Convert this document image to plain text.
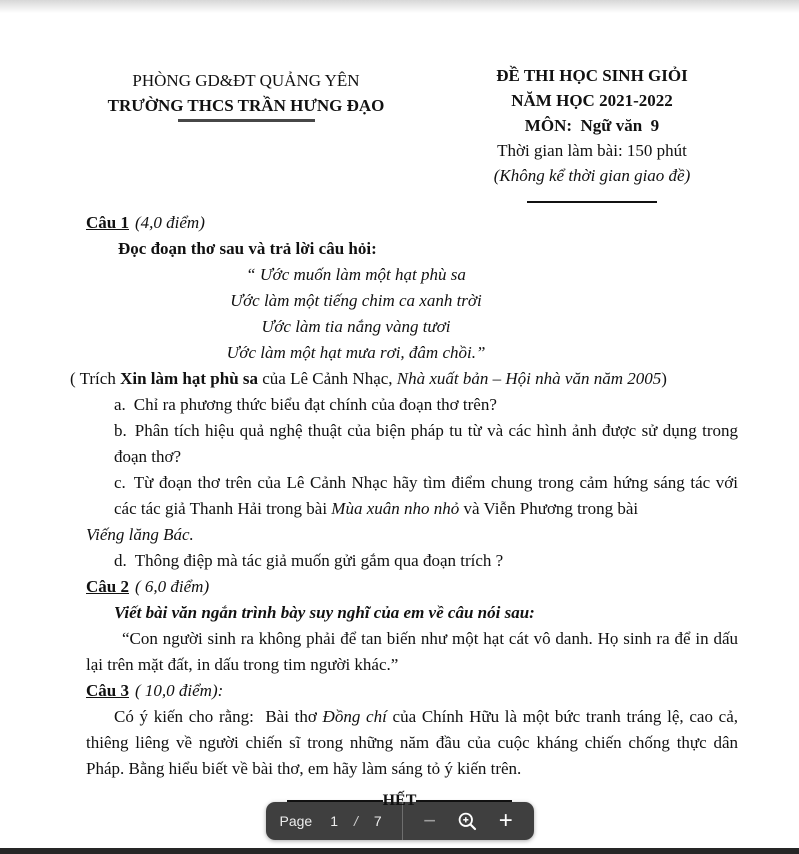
PHÒNG GD&ĐT QUẢNG YÊN
TRƯỜNG THCS TRẦN HƯNG ĐẠO
ĐỀ THI HỌC SINH GIỎI
NĂM HỌC 2021-2022
MÔN:  Ngữ văn  9
Thời gian làm bài: 150 phút
(Không kể thời gian giao đề)
Câu 1 (4,0 điểm)
Đọc đoạn thơ sau và trả lời câu hỏi:
“ Ước muốn làm một hạt phù sa
Ước làm một tiếng chim ca xanh trời
Ước làm tia nắng vàng tươi
Ước làm một hạt mưa rơi, đâm chồi.”
( Trích Xin làm hạt phù sa của Lê Cảnh Nhạc, Nhà xuất bản – Hội nhà văn năm 2005)
a. Chỉ ra phương thức biểu đạt chính của đoạn thơ trên?
b. Phân tích hiệu quả nghệ thuật của biện pháp tu từ và các hình ảnh được sử dụng trong đoạn thơ?
c. Từ đoạn thơ trên của Lê Cảnh Nhạc hãy tìm điểm chung trong cảm hứng sáng tác với các tác giả Thanh Hải trong bài Mùa xuân nho nhỏ và Viễn Phương trong bài
Viếng lăng Bác.
d. Thông điệp mà tác giả muốn gửi gắm qua đoạn trích ?
Câu 2 ( 6,0 điểm)
Viết bài văn ngắn trình bày suy nghĩ của em về câu nói sau:
“Con người sinh ra không phải để tan biến như một hạt cát vô danh. Họ sinh ra để in dấu lại trên mặt đất, in dấu trong tim người khác.”
Câu 3 ( 10,0 điểm):
Có ý kiến cho rằng:  Bài thơ Đồng chí của Chính Hữu là một bức tranh tráng lệ, cao cả, thiêng liêng về người chiến sĩ trong những năm đầu của cuộc kháng chiến chống thực dân Pháp. Bằng hiểu biết về bài thơ, em hãy làm sáng tỏ ý kiến trên.
HẾT
Page 1 / 7 −	+
